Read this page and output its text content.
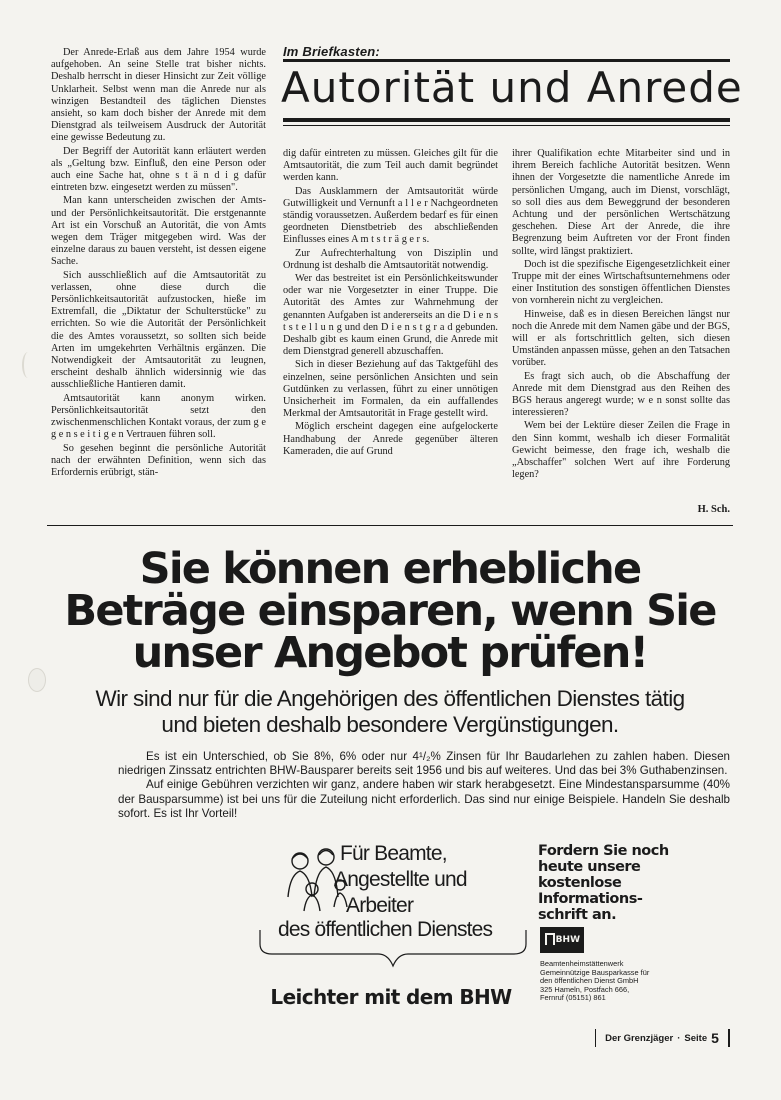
Der Anrede-Erlaß aus dem Jahre 1954 wurde aufgehoben. An seine Stelle trat bisher nichts. Deshalb herrscht in dieser Hinsicht zur Zeit völlige Unklarheit. Selbst wenn man die Anrede nur als winzigen Bestandteil des täglichen Dienstes ansieht, so kam doch bisher der Anrede mit dem Dienstgrad als teilweisem Ausdruck der Autorität eine gewisse Bedeutung zu.

Der Begriff der Autorität kann erläutert werden als „Geltung bzw. Einfluß, den eine Person oder auch eine Sache hat, ohne s t ä n d i g dafür eintreten bzw. eingesetzt werden zu müssen".

Man kann unterscheiden zwischen der Amts- und der Persönlichkeitsautorität. Die erstgenannte Art ist ein Vorschuß an Autorität, die von Amts wegen dem Träger mitgegeben wird. Was der einzelne daraus zu bauen versteht, ist dessen eigene Sache.

Sich ausschließlich auf die Amtsautorität zu verlassen, ohne diese durch die Persönlichkeitsautorität aufzustocken, hieße im Extremfall, die „Diktatur der Schulterstücke" zu errichten. So wie die Autorität der Persönlichkeit die des Amtes voraussetzt, so sollten sich beide Arten im umgekehrten Verhältnis ergänzen. Die Notwendigkeit der Amtsautorität zu leugnen, erscheint deshalb ähnlich widersinnig wie das ausschließliche Hantieren damit.

Amtsautorität kann anonym wirken. Persönlichkeitsautorität setzt den zwischenmenschlichen Kontakt voraus, der zum g e g e n s e i t i g e n Vertrauen führen soll.

So gesehen beginnt die persönliche Autorität nach der erwähnten Definition, wenn sich das Erfordernis erübrigt, stän-

Im Briefkasten:
Autorität und Anrede

dig dafür eintreten zu müssen. Gleiches gilt für die Amtsautorität, die zum Teil auch damit begründet werden kann.

Das Ausklammern der Amtsautorität würde Gutwilligkeit und Vernunft a l l e r Nachgeordneten ständig voraussetzen. Außerdem bedarf es für einen geordneten Dienstbetrieb des abschließenden Einflusses eines A m t s t r ä g e r s.

Zur Aufrechterhaltung von Disziplin und Ordnung ist deshalb die Amtsautorität notwendig.

Wer das bestreitet ist ein Persönlichkeitswunder oder war nie Vorgesetzter in einer Truppe. Die Autorität des Amtes zur Wahrnehmung der genannten Aufgaben ist andererseits an die D i e n s t s t e l l u n g und den D i e n s t g r a d gebunden. Deshalb gibt es kaum einen Grund, die Anrede mit dem Dienstgrad generell abzuschaffen.

Sich in dieser Beziehung auf das Taktgefühl des einzelnen, seine persönlichen Ansichten und sein Gutdünken zu verlassen, führt zu einer unnötigen Unsicherheit im Formalen, da ein auffallendes Merkmal der Amtsautorität in Frage gestellt wird.

Möglich erscheint dagegen eine aufgelockerte Handhabung der Anrede gegenüber älteren Kameraden, die auf Grund

ihrer Qualifikation echte Mitarbeiter sind und in ihrem Bereich fachliche Autorität besitzen. Wenn ihnen der Vorgesetzte die namentliche Anrede im persönlichen Umgang, auch im Dienst, vorschlägt, so soll dies aus dem Beweggrund der besonderen Achtung und der persönlichen Wertschätzung geschehen. Diese Art der Anrede, die ihre Begrenzung beim Auftreten vor der Front finden sollte, wird längst praktiziert.

Doch ist die spezifische Eigengesetzlichkeit einer Truppe mit der eines Wirtschaftsunternehmens oder einer Institution des sonstigen öffentlichen Dienstes von vornherein nicht zu vergleichen.

Hinweise, daß es in diesen Bereichen längst nur noch die Anrede mit dem Namen gäbe und der BGS, will er als fortschrittlich gelten, sich diesen Umständen anpassen müsse, gehen an den Tatsachen vorüber.

Es fragt sich auch, ob die Abschaffung der Anrede mit dem Dienstgrad aus den Reihen des BGS heraus angeregt wurde; w e n sonst sollte das interessieren?

Wem bei der Lektüre dieser Zeilen die Frage in den Sinn kommt, weshalb ich dieser Formalität Gewicht beimesse, den frage ich, weshalb die „Abschaffer" solchen Wert auf ihre Forderung legen?

H. Sch.
Sie können erhebliche
Beträge einsparen, wenn Sie
unser Angebot prüfen!
Wir sind nur für die Angehörigen des öffentlichen Dienstes tätig
und bieten deshalb besondere Vergünstigungen.

Es ist ein Unterschied, ob Sie 8%, 6% oder nur 4¹/₂% Zinsen für Ihr Baudarlehen zu zahlen haben. Diesen niedrigen Zinssatz entrichten BHW-Bausparer bereits seit 1956 und bis auf weiteres. Und das bei 3% Guthabenzinsen.

Auf einige Gebühren verzichten wir ganz, andere haben wir stark herabgesetzt. Eine Mindestansparsumme (40% der Bausparsumme) ist bei uns für die Zuteilung nicht erforderlich. Das sind nur einige Beispiele. Handeln Sie deshalb sofort. Es ist Ihr Vorteil!

Für Beamte,
Angestellte und
Arbeiter
des öffentlichen Dienstes
Leichter mit dem BHW
Fordern Sie noch
heute unsere
kostenlose
Informations-
schrift an.
BHW
Beamtenheimstättenwerk
Gemeinnützige Bausparkasse für
den öffentlichen Dienst GmbH
325 Hameln, Postfach 666,
Fernruf (05151) 861
Der Grenzjäger · Seite 5
